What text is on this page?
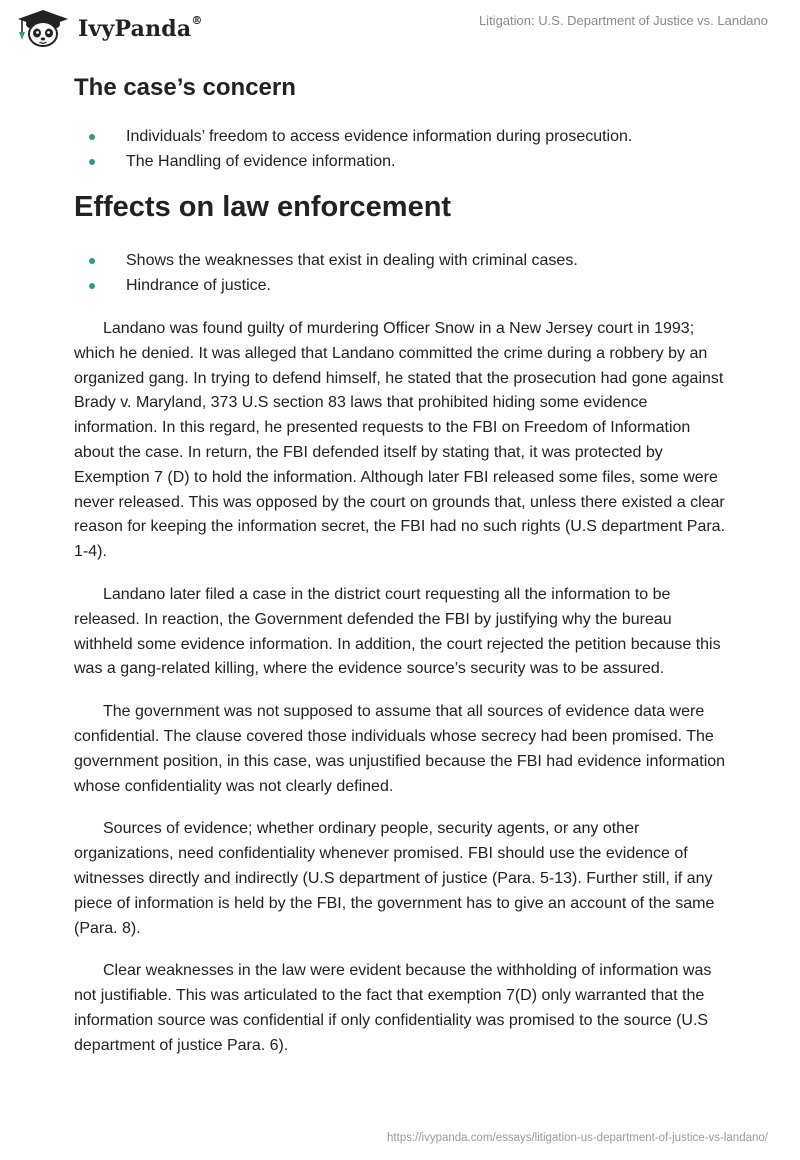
IvyPanda®	Litigation: U.S. Department of Justice vs. Landano
The case’s concern
Individuals’ freedom to access evidence information during prosecution.
The Handling of evidence information.
Effects on law enforcement
Shows the weaknesses that exist in dealing with criminal cases.
Hindrance of justice.

Landano was found guilty of murdering Officer Snow in a New Jersey court in 1993; which he denied. It was alleged that Landano committed the crime during a robbery by an organized gang. In trying to defend himself, he stated that the prosecution had gone against Brady v. Maryland, 373 U.S section 83 laws that prohibited hiding some evidence information. In this regard, he presented requests to the FBI on Freedom of Information about the case. In return, the FBI defended itself by stating that, it was protected by Exemption 7 (D) to hold the information. Although later FBI released some files, some were never released. This was opposed by the court on grounds that, unless there existed a clear reason for keeping the information secret, the FBI had no such rights (U.S department Para. 1-4).

Landano later filed a case in the district court requesting all the information to be released. In reaction, the Government defended the FBI by justifying why the bureau withheld some evidence information. In addition, the court rejected the petition because this was a gang-related killing, where the evidence source’s security was to be assured.

The government was not supposed to assume that all sources of evidence data were confidential. The clause covered those individuals whose secrecy had been promised. The government position, in this case, was unjustified because the FBI had evidence information whose confidentiality was not clearly defined.

Sources of evidence; whether ordinary people, security agents, or any other organizations, need confidentiality whenever promised. FBI should use the evidence of witnesses directly and indirectly (U.S department of justice (Para. 5-13). Further still, if any piece of information is held by the FBI, the government has to give an account of the same (Para. 8).

Clear weaknesses in the law were evident because the withholding of information was not justifiable. This was articulated to the fact that exemption 7(D) only warranted that the information source was confidential if only confidentiality was promised to the source (U.S department of justice Para. 6).

https://ivypanda.com/essays/litigation-us-department-of-justice-vs-landano/
